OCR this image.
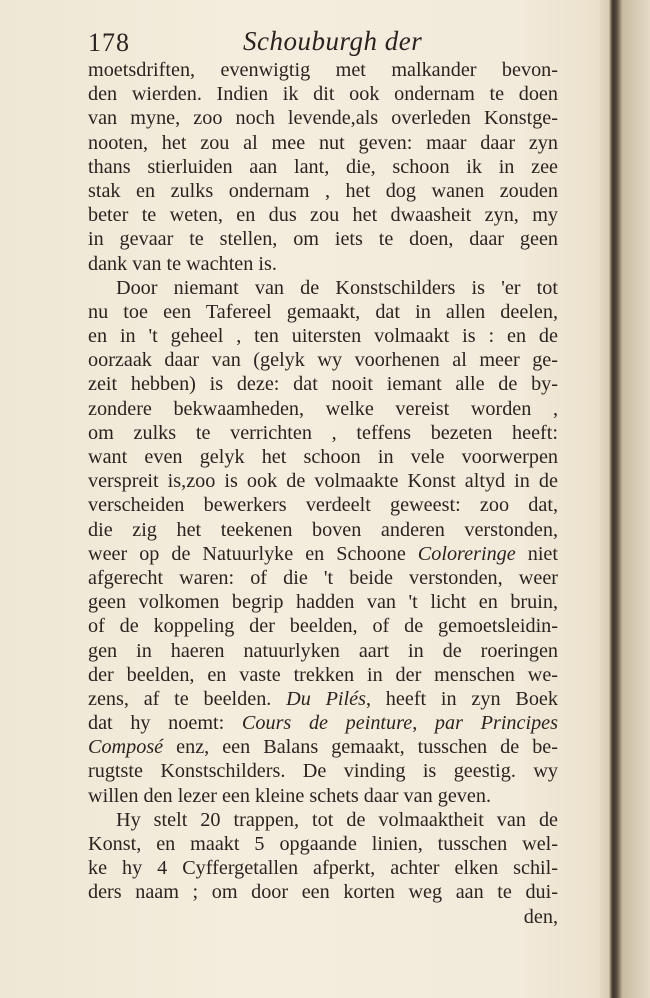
178	Schouburgh der
moetsdriften, evenwigtig met malkander bevon-
den wierden. Indien ik dit ook ondernam te doen
van myne, zoo noch levende,als overleden Konstge-
nooten, het zou al mee nut geven: maar daar zyn
thans stierluiden aan lant, die, schoon ik in zee
stak en zulks ondernam , het dog wanen zouden
beter te weten, en dus zou het dwaasheit zyn, my
in gevaar te stellen, om iets te doen, daar geen
dank van te wachten is.
Door niemant van de Konstschilders is 'er tot
nu toe een Tafereel gemaakt, dat in allen deelen,
en in 't geheel , ten uitersten volmaakt is : en de
oorzaak daar van (gelyk wy voorhenen al meer ge-
zeit hebben) is deze: dat nooit iemant alle de by-
zondere bekwaamheden, welke vereist worden ,
om zulks te verrichten , teffens bezeten heeft:
want even gelyk het schoon in vele voorwerpen
verspreit is,zoo is ook de volmaakte Konst altyd in de
verscheiden bewerkers verdeelt geweest: zoo dat,
die zig het teekenen boven anderen verstonden,
weer op de Natuurlyke en Schoone Coloreringe niet
afgerecht waren: of die 't beide verstonden, weer
geen volkomen begrip hadden van 't licht en bruin,
of de koppeling der beelden, of de gemoetsleidin-
gen in haeren natuurlyken aart in de roeringen
der beelden, en vaste trekken in der menschen we-
zens, af te beelden. Du Pilés, heeft in zyn Boek
dat hy noemt: Cours de peinture, par Principes
Composé enz, een Balans gemaakt, tusschen de be-
rugtste Konstschilders. De vinding is geestig. wy
willen den lezer een kleine schets daar van geven.
Hy stelt 20 trappen, tot de volmaaktheit van de
Konst, en maakt 5 opgaande linien, tusschen wel-
ke hy 4 Cyffergetallen afperkt, achter elken schil-
ders naam ; om door een korten weg aan te dui-
den,
